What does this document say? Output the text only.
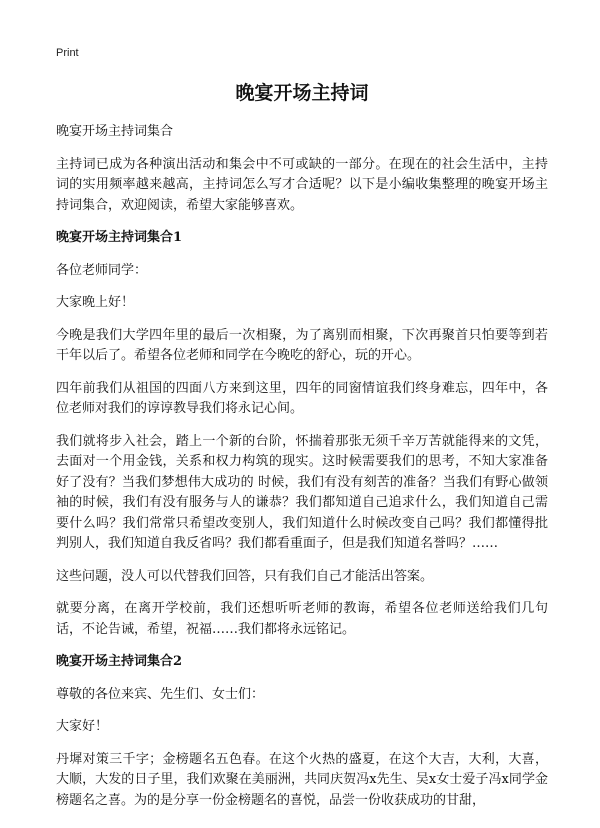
Print
晚宴开场主持词

晚宴开场主持词集合

主持词已成为各种演出活动和集会中不可或缺的一部分。在现在的社会生活中，主持词的实用频率越来越高，主持词怎么写才合适呢？以下是小编收集整理的晚宴开场主持词集合，欢迎阅读，希望大家能够喜欢。

晚宴开场主持词集合1

各位老师同学：

大家晚上好！

今晚是我们大学四年里的最后一次相聚，为了离别而相聚，下次再聚首只怕要等到若干年以后了。希望各位老师和同学在今晚吃的舒心，玩的开心。

四年前我们从祖国的四面八方来到这里，四年的同窗情谊我们终身难忘，四年中，各位老师对我们的谆谆教导我们将永记心间。

我们就将步入社会，踏上一个新的台阶，怀揣着那张无须千辛万苦就能得来的文凭，去面对一个用金钱，关系和权力构筑的现实。这时候需要我们的思考，不知大家准备好了没有？当我们梦想伟大成功的 时候，我们有没有刻苦的准备？当我们有野心做领袖的时候，我们有没有服务与人的谦恭？我们都知道自己追求什么，我们知道自己需要什么吗？我们常常只希望改变别人，我们知道什么时候改变自己吗？我们都懂得批判别人，我们知道自我反省吗？我们都看重面子，但是我们知道名誉吗？……

这些问题，没人可以代替我们回答，只有我们自己才能活出答案。

就要分离，在离开学校前，我们还想听听老师的教诲，希望各位老师送给我们几句话，不论告诫，希望，祝福……我们都将永远铭记。

晚宴开场主持词集合2

尊敬的各位来宾、先生们、女士们：

大家好！

丹墀对策三千字；金榜题名五色春。在这个火热的盛夏，在这个大吉，大利，大喜，大顺，大发的日子里，我们欢聚在美丽洲，共同庆贺冯x先生、吴x女士爱子冯x同学金榜题名之喜。为的是分享一份金榜题名的喜悦，品尝一份收获成功的甘甜，
